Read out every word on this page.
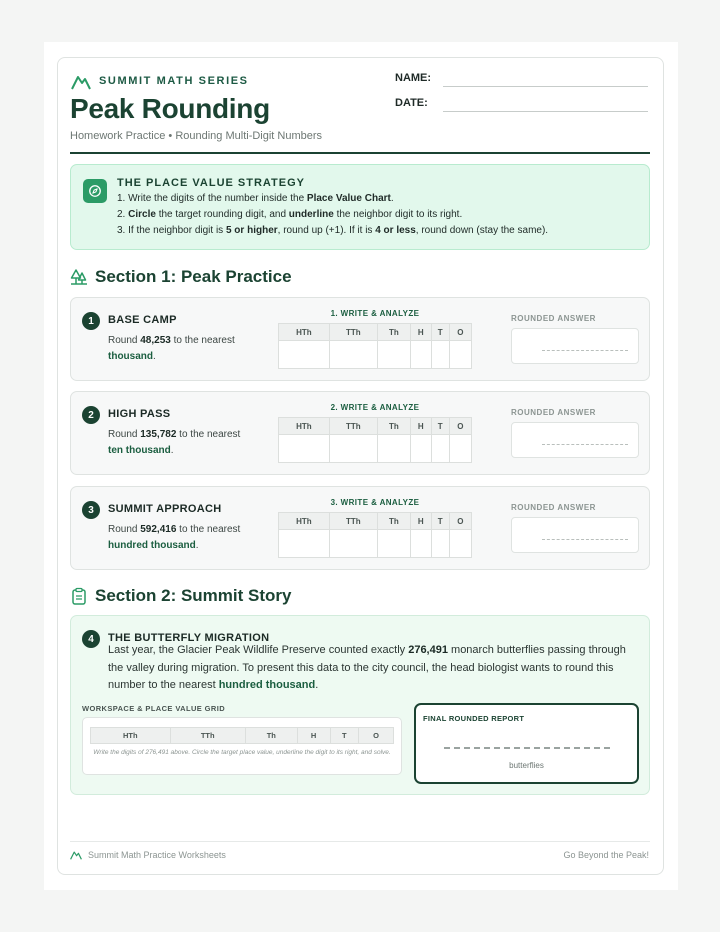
SUMMIT MATH SERIES
Peak Rounding
Homework Practice • Rounding Multi-Digit Numbers
NAME:
DATE:
THE PLACE VALUE STRATEGY
1. Write the digits of the number inside the Place Value Chart.
2. Circle the target rounding digit, and underline the neighbor digit to its right.
3. If the neighbor digit is 5 or higher, round up (+1). If it is 4 or less, round down (stay the same).
Section 1: Peak Practice
1	BASE CAMP
Round 48,253 to the nearest thousand.
1. WRITE & ANALYZE
HTh	TTh	Th	H	T	O

ROUNDED ANSWER
2	HIGH PASS
Round 135,782 to the nearest ten thousand.
2. WRITE & ANALYZE
HTh	TTh	Th	H	T	O

ROUNDED ANSWER
3	SUMMIT APPROACH
Round 592,416 to the nearest hundred thousand.
3. WRITE & ANALYZE
HTh	TTh	Th	H	T	O

ROUNDED ANSWER
Section 2: Summit Story
4	THE BUTTERFLY MIGRATION
Last year, the Glacier Peak Wildlife Preserve counted exactly 276,491 monarch butterflies passing through the valley during migration. To present this data to the city council, the head biologist wants to round this number to the nearest hundred thousand.
WORKSPACE & PLACE VALUE GRID
HTh	TTh	Th	H	T	O
Write the digits of 276,491 above. Circle the target place value, underline the digit to its right, and solve.
FINAL ROUNDED REPORT
butterflies
Summit Math Practice Worksheets	Go Beyond the Peak!
